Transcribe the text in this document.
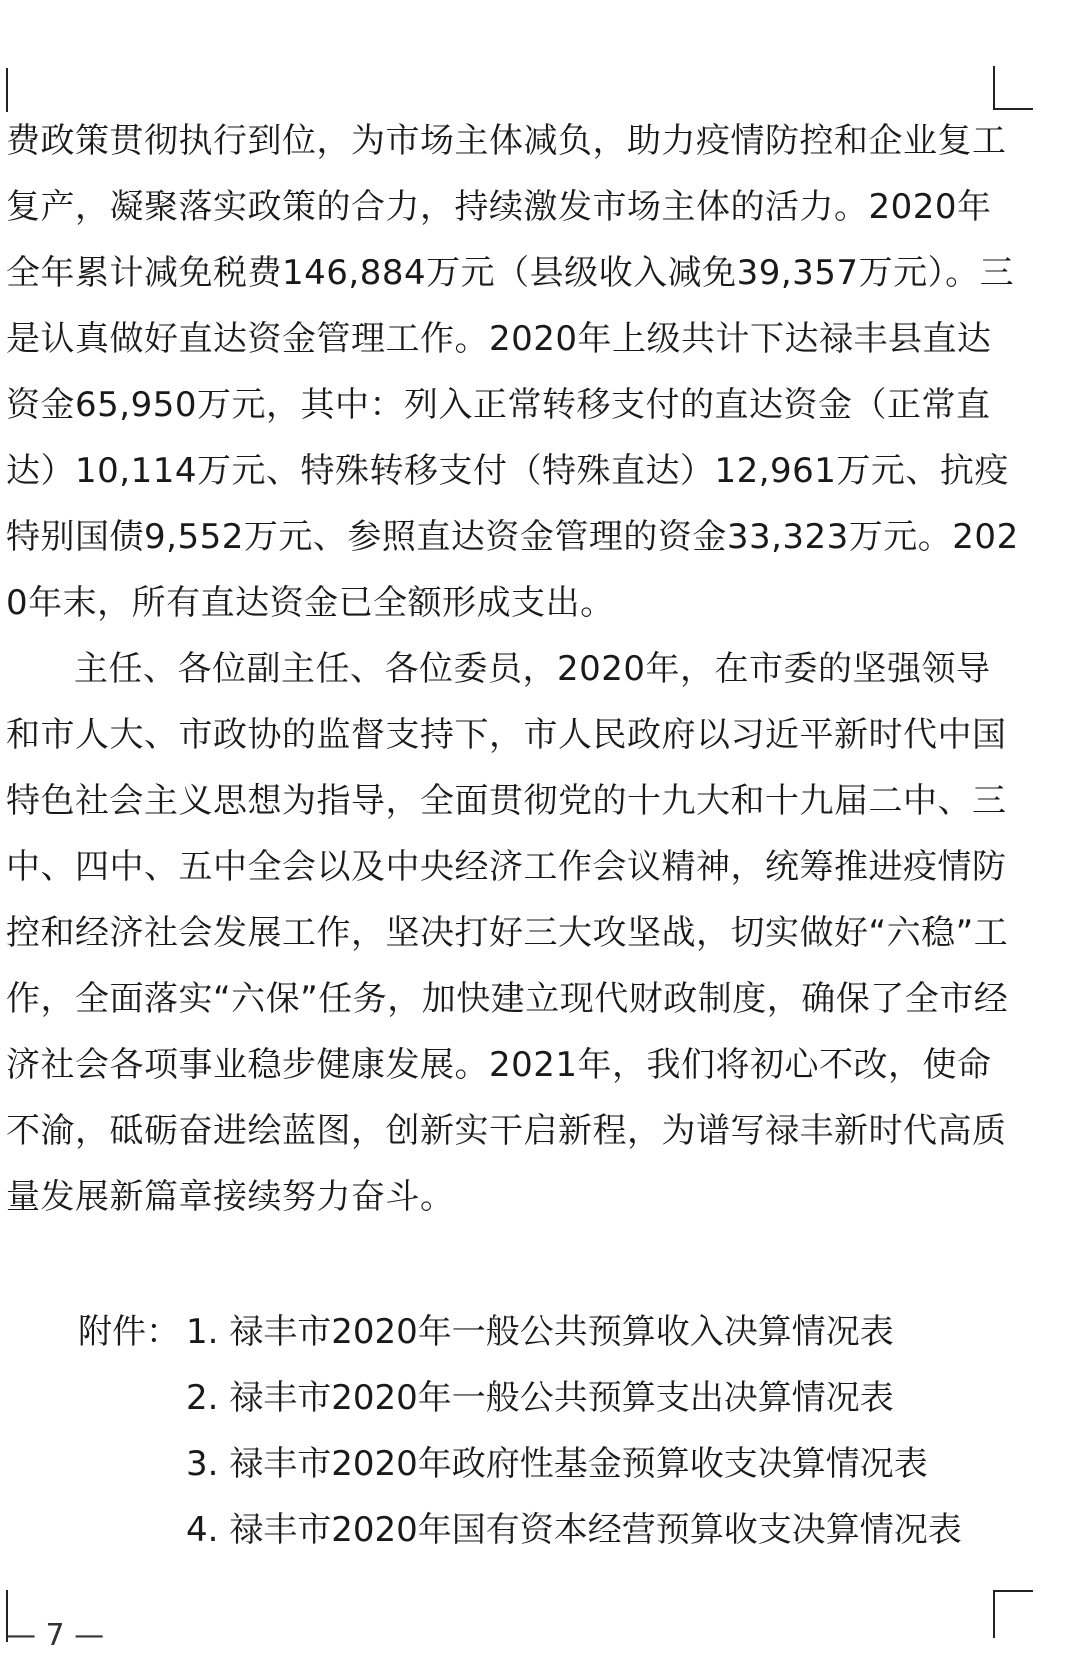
费政策贯彻执行到位，为市场主体减负，助力疫情防控和企业复工
复产，凝聚落实政策的合力，持续激发市场主体的活力。2020年
全年累计减免税费146,884万元（县级收入减免39,357万元）。三
是认真做好直达资金管理工作。2020年上级共计下达禄丰县直达
资金65,950万元，其中：列入正常转移支付的直达资金（正常直
达）10,114万元、特殊转移支付（特殊直达）12,961万元、抗疫
特别国债9,552万元、参照直达资金管理的资金33,323万元。202
0年末，所有直达资金已全额形成支出。
主任、各位副主任、各位委员，2020年，在市委的坚强领导
和市人大、市政协的监督支持下，市人民政府以习近平新时代中国
特色社会主义思想为指导，全面贯彻党的十九大和十九届二中、三
中、四中、五中全会以及中央经济工作会议精神，统筹推进疫情防
控和经济社会发展工作，坚决打好三大攻坚战，切实做好“六稳”工
作，全面落实“六保”任务，加快建立现代财政制度，确保了全市经
济社会各项事业稳步健康发展。2021年，我们将初心不改，使命
不渝，砥砺奋进绘蓝图，创新实干启新程，为谱写禄丰新时代高质
量发展新篇章接续努力奋斗。
附件： 1. 禄丰市2020年一般公共预算收入决算情况表
2. 禄丰市2020年一般公共预算支出决算情况表
3. 禄丰市2020年政府性基金预算收支决算情况表
4. 禄丰市2020年国有资本经营预算收支决算情况表
— 7 —
